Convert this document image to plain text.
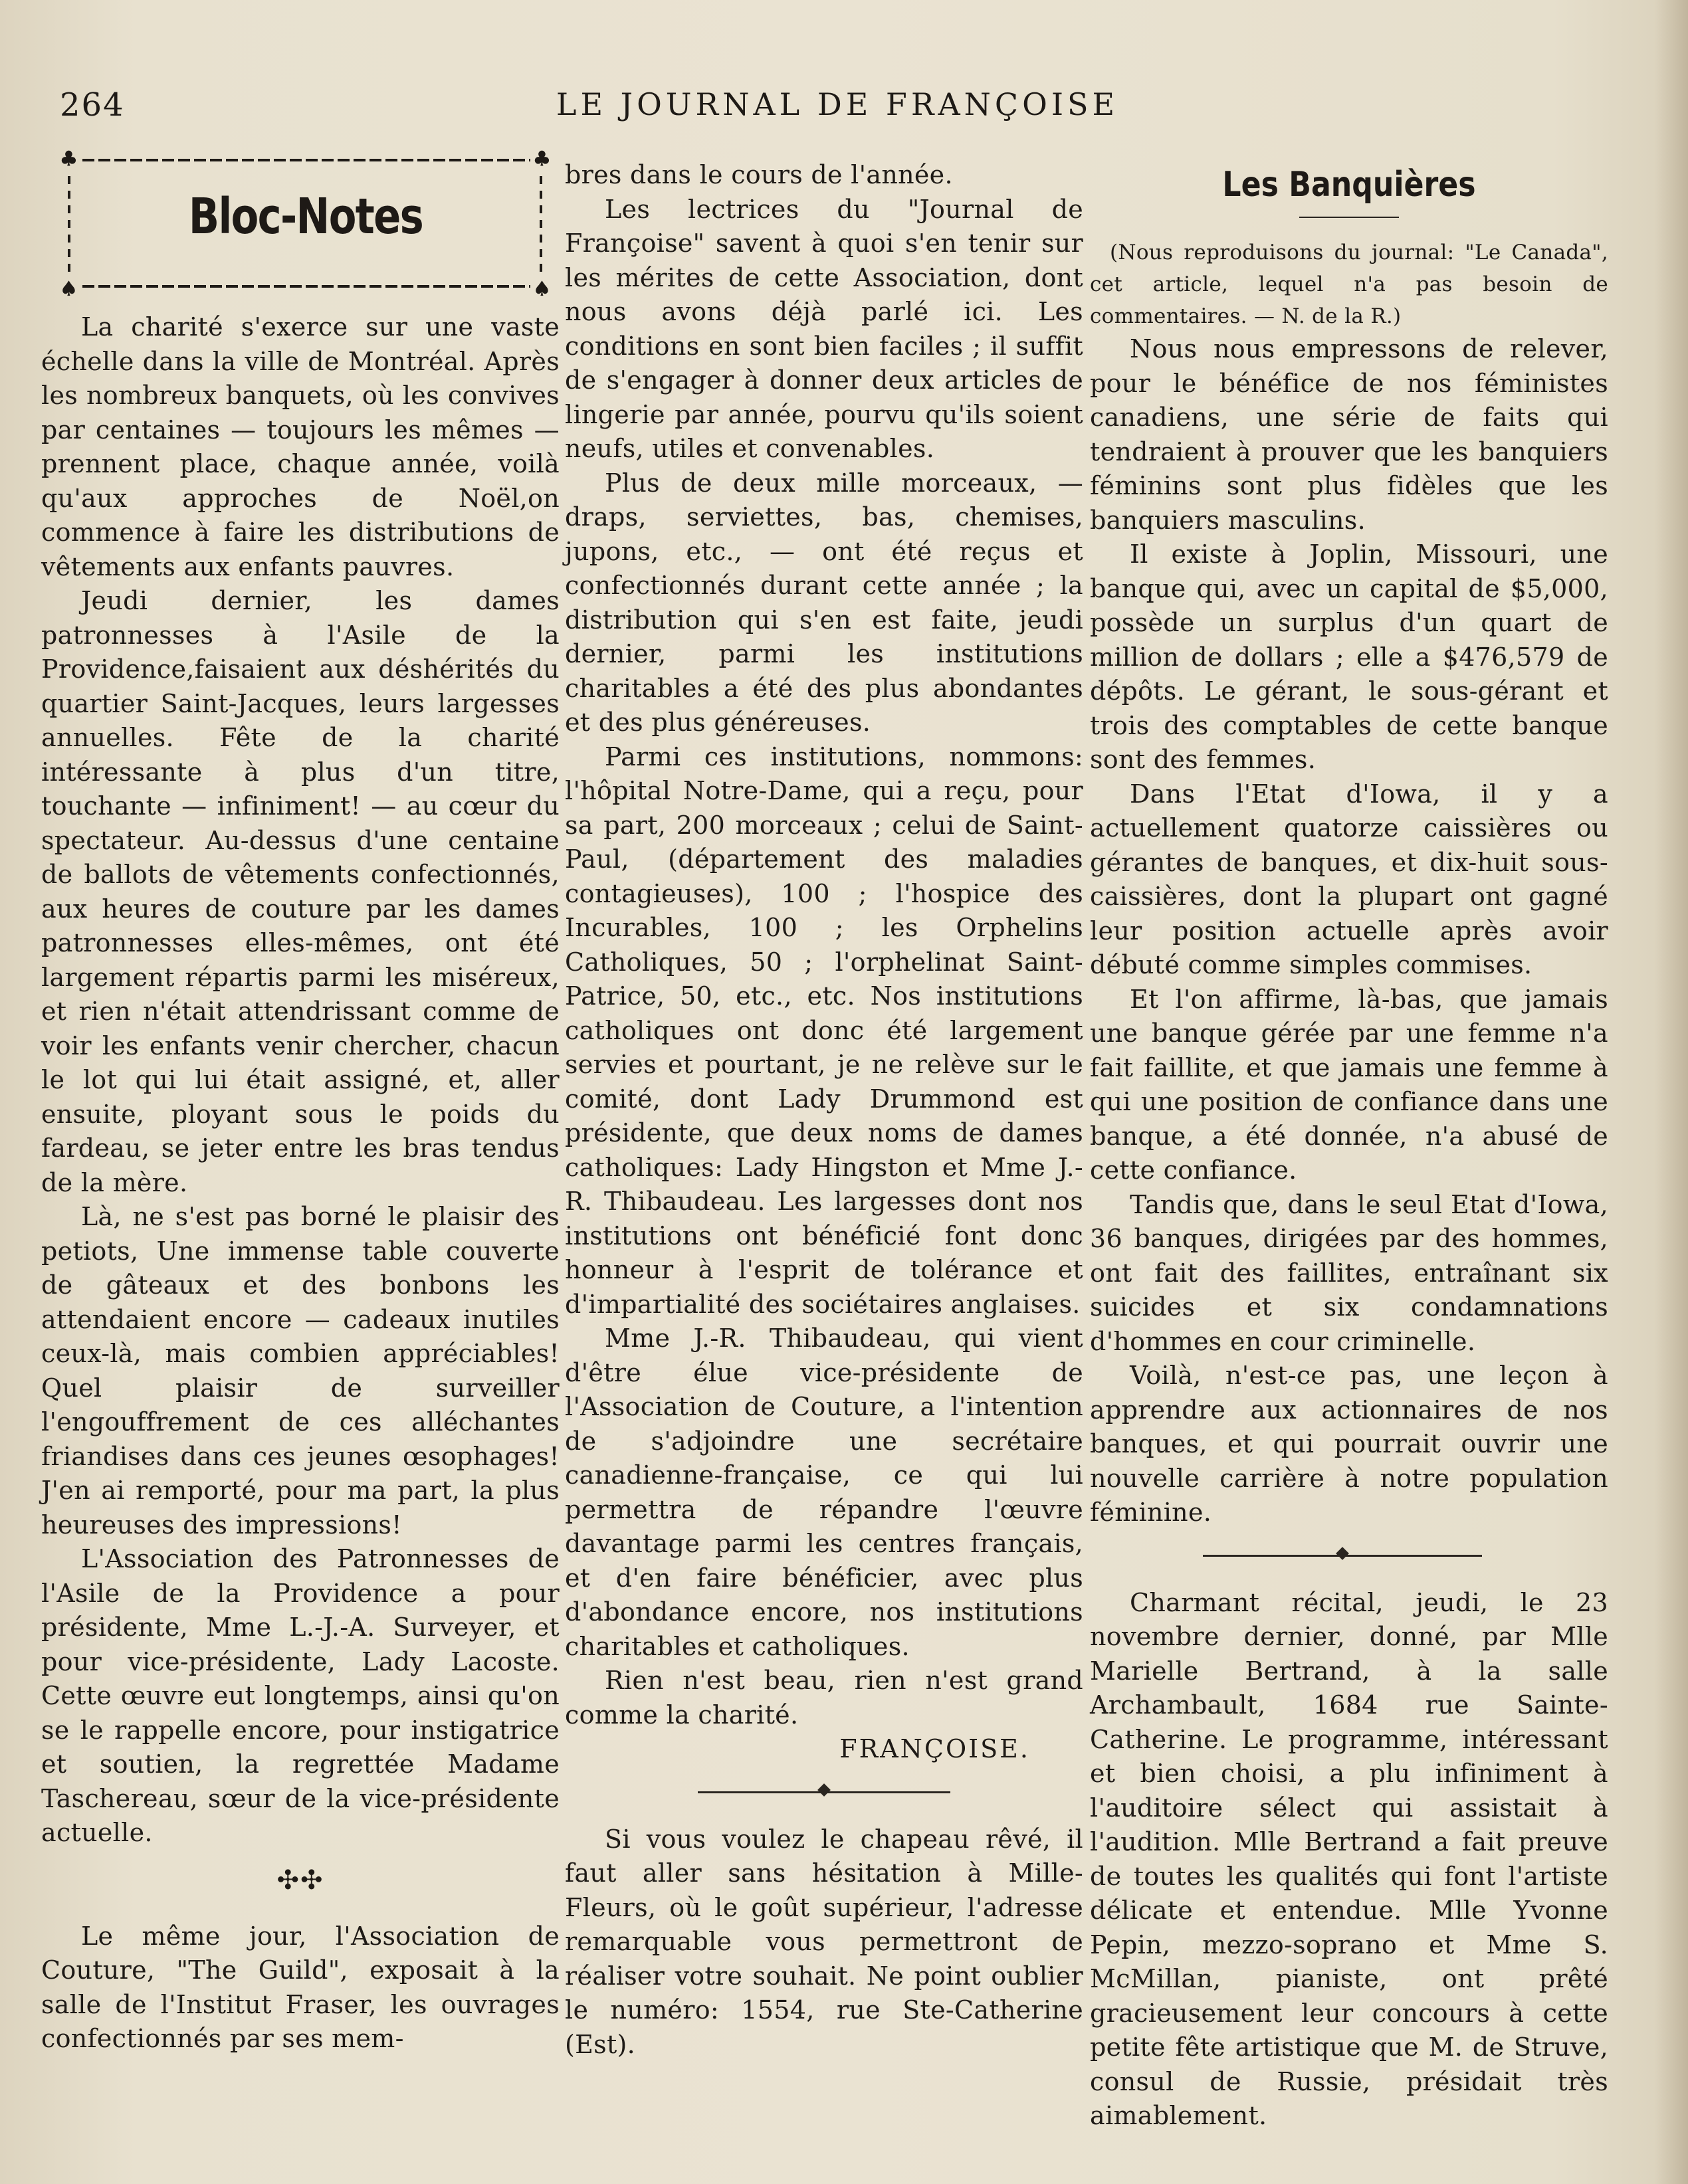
264	LE JOURNAL DE FRANÇOISE
♣	♣
♠	♠
Bloc-Notes

La charité s'exerce sur une vaste échelle dans la ville de Montréal. Après les nombreux banquets, où les convives par centaines — toujours les mêmes — prennent place, chaque année, voilà qu'aux approches de Noël,on commence à faire les distributions de vêtements aux enfants pauvres.

Jeudi dernier, les dames patronnesses à l'Asile de la Providence,faisaient aux déshérités du quartier Saint-Jacques, leurs largesses annuelles. Fête de la charité intéressante à plus d'un titre, touchante — infiniment! — au cœur du spectateur. Au-dessus d'une centaine de ballots de vêtements confectionnés, aux heures de couture par les dames patronnesses elles-mêmes, ont été largement répartis parmi les miséreux, et rien n'était attendrissant comme de voir les enfants venir chercher, chacun le lot qui lui était assigné, et, aller ensuite, ployant sous le poids du fardeau, se jeter entre les bras tendus de la mère.

Là, ne s'est pas borné le plaisir des petiots, Une immense table couverte de gâteaux et des bonbons les attendaient encore — cadeaux inutiles ceux-là, mais combien appréciables! Quel plaisir de surveiller l'engouffrement de ces alléchantes friandises dans ces jeunes œsophages! J'en ai remporté, pour ma part, la plus heureuses des impressions!

L'Association des Patronnesses de l'Asile de la Providence a pour présidente, Mme L.-J.-A. Surveyer, et pour vice-présidente, Lady Lacoste. Cette œuvre eut longtemps, ainsi qu'on se le rappelle encore, pour instigatrice et soutien, la regrettée Madame Taschereau, sœur de la vice-présidente actuelle.

✣✣

Le même jour, l'Association de Couture, "The Guild", exposait à la salle de l'Institut Fraser, les ouvrages confectionnés par ses mem-

bres dans le cours de l'année.

Les lectrices du "Journal de Françoise" savent à quoi s'en tenir sur les mérites de cette Association, dont nous avons déjà parlé ici. Les conditions en sont bien faciles ; il suffit de s'engager à donner deux articles de lingerie par année, pourvu qu'ils soient neufs, utiles et convenables.

Plus de deux mille morceaux, — draps, serviettes, bas, chemises, jupons, etc., — ont été reçus et confectionnés durant cette année ; la distribution qui s'en est faite, jeudi dernier, parmi les institutions charitables a été des plus abondantes et des plus généreuses.

Parmi ces institutions, nommons: l'hôpital Notre-Dame, qui a reçu, pour sa part, 200 morceaux ; celui de Saint-Paul, (département des maladies contagieuses), 100 ; l'hospice des Incurables, 100 ; les Orphelins Catholiques, 50 ; l'orphelinat Saint-Patrice, 50, etc., etc. Nos institutions catholiques ont donc été largement servies et pourtant, je ne relève sur le comité, dont Lady Drummond est présidente, que deux noms de dames catholiques: Lady Hingston et Mme J.-R. Thibaudeau. Les largesses dont nos institutions ont bénéficié font donc honneur à l'esprit de tolérance et d'impartialité des sociétaires anglaises.

Mme J.-R. Thibaudeau, qui vient d'être élue vice-présidente de l'Association de Couture, a l'intention de s'adjoindre une secrétaire canadienne-française, ce qui lui permettra de répandre l'œuvre davantage parmi les centres français, et d'en faire bénéficier, avec plus d'abondance encore, nos institutions charitables et catholiques.

Rien n'est beau, rien n'est grand comme la charité.

FRANÇOISE.

Si vous voulez le chapeau rêvé, il faut aller sans hésitation à Mille-Fleurs, où le goût supérieur, l'adresse remarquable vous permettront de réaliser votre souhait. Ne point oublier le numéro: 1554, rue Ste-Catherine (Est).

Les Banquières

(Nous reproduisons du journal: "Le Canada", cet article, lequel n'a pas besoin de commentaires. — N. de la R.)

Nous nous empressons de relever, pour le bénéfice de nos féministes canadiens, une série de faits qui tendraient à prouver que les banquiers féminins sont plus fidèles que les banquiers masculins.

Il existe à Joplin, Missouri, une banque qui, avec un capital de $5,000, possède un surplus d'un quart de million de dollars ; elle a $476,579 de dépôts. Le gérant, le sous-gérant et trois des comptables de cette banque sont des femmes.

Dans l'Etat d'Iowa, il y a actuellement quatorze caissières ou gérantes de banques, et dix-huit sous-caissières, dont la plupart ont gagné leur position actuelle après avoir débuté comme simples commises.

Et l'on affirme, là-bas, que jamais une banque gérée par une femme n'a fait faillite, et que jamais une femme à qui une position de confiance dans une banque, a été donnée, n'a abusé de cette confiance.

Tandis que, dans le seul Etat d'Iowa, 36 banques, dirigées par des hommes, ont fait des faillites, entraînant six suicides et six condamnations d'hommes en cour criminelle.

Voilà, n'est-ce pas, une leçon à apprendre aux actionnaires de nos banques, et qui pourrait ouvrir une nouvelle carrière à notre population féminine.

Charmant récital, jeudi, le 23 novembre dernier, donné, par Mlle Marielle Bertrand, à la salle Archambault, 1684 rue Sainte-Catherine. Le programme, intéressant et bien choisi, a plu infiniment à l'auditoire sélect qui assistait à l'audition. Mlle Bertrand a fait preuve de toutes les qualités qui font l'artiste délicate et entendue. Mlle Yvonne Pepin, mezzo-soprano et Mme S. McMillan, pianiste, ont prêté gracieusement leur concours à cette petite fête artistique que M. de Struve, consul de Russie, présidait très aimablement.
